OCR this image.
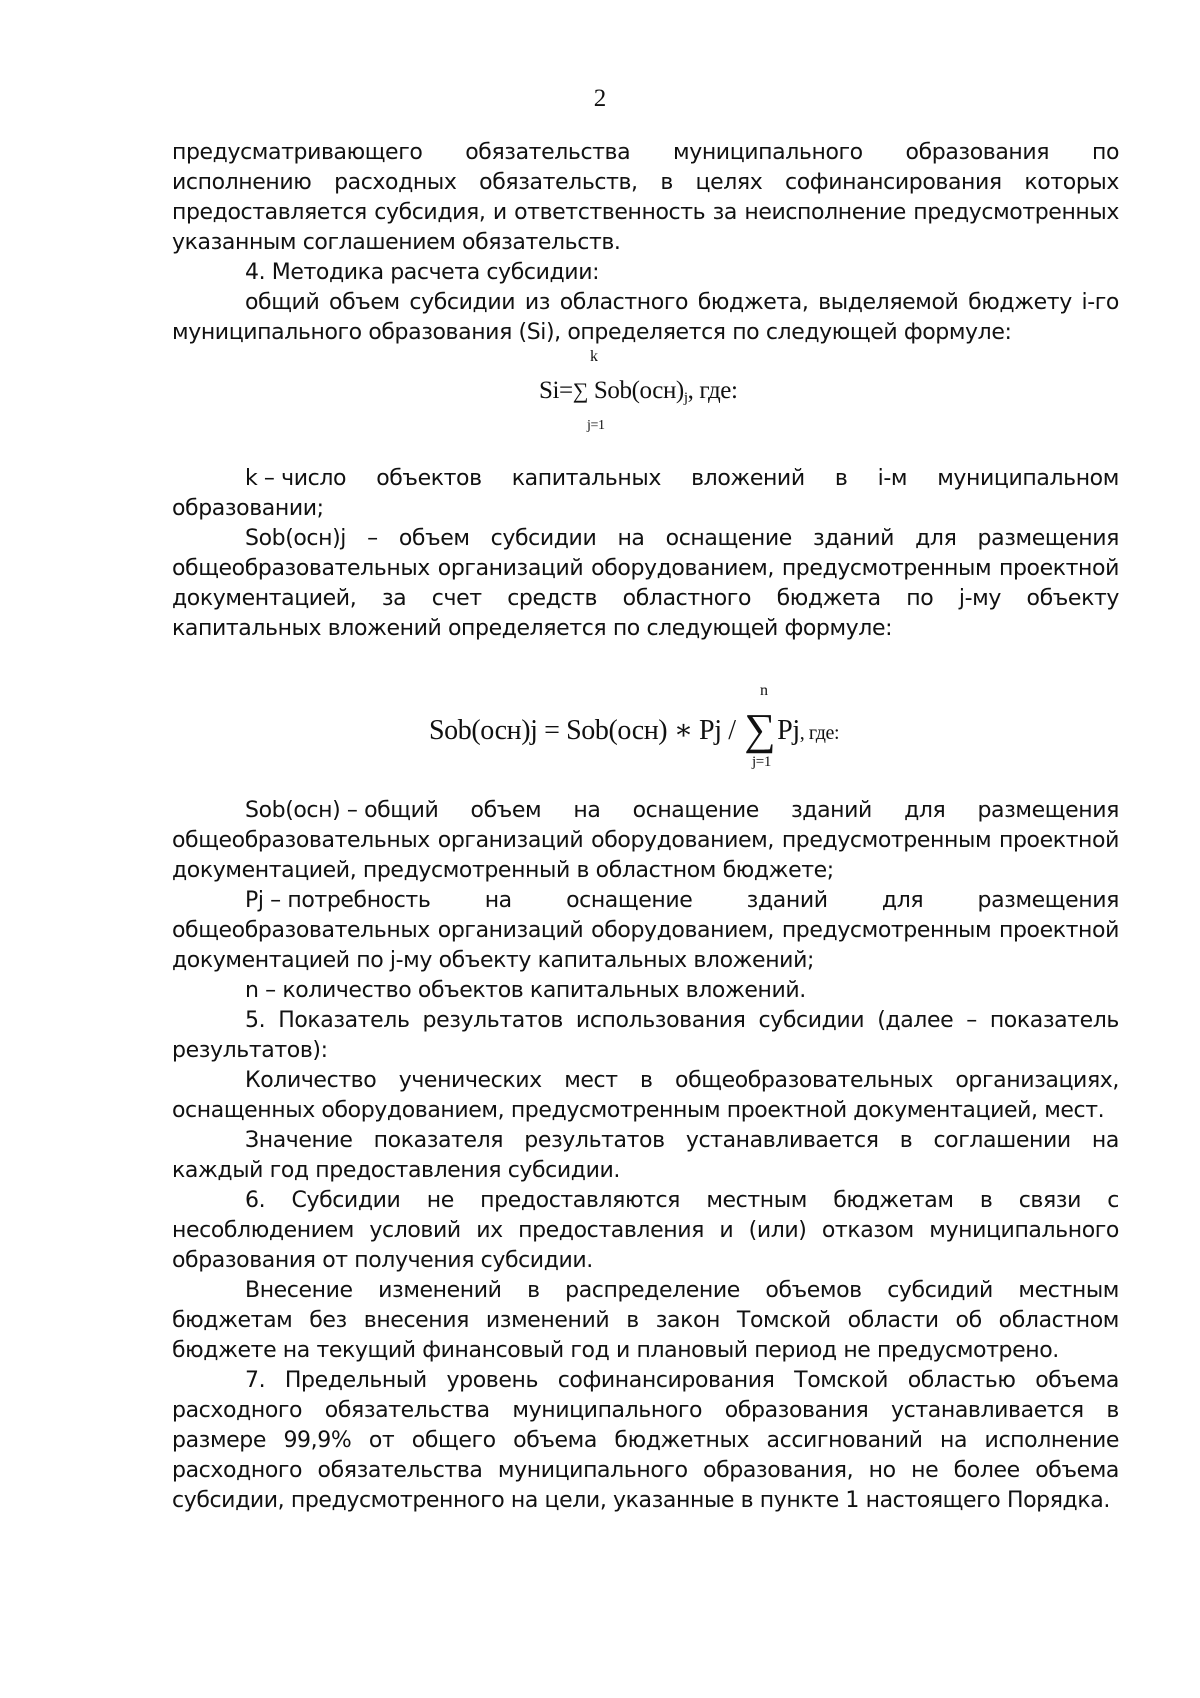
2

предусматривающего обязательства муниципального образования по исполнению расходных обязательств, в целях софинансирования которых предоставляется субсидия, и ответственность за неисполнение предусмотренных указанным соглашением обязательств.

4. Методика расчета субсидии:

общий объем субсидии из областного бюджета, выделяемой бюджету i-го муниципального образования (Si), определяется по следующей формуле:

k
Si=∑ Sob(осн)j, где:
j=1
k – число объектов капитальных вложений в i-м муниципальном

образовании;

Sob(осн)j – объем субсидии на оснащение зданий для размещения общеобразовательных организаций оборудованием, предусмотренным проектной документацией, за счет средств областного бюджета по j-му объекту капитальных вложений определяется по следующей формуле:

n
Sob(осн)j = Sob(осн) ∗ Pj / ∑Pj, где:
j=1
Sob(осн) – общий объем на оснащение зданий для размещения

общеобразовательных организаций оборудованием, предусмотренным проектной документацией, предусмотренный в областном бюджете;

Pj – потребность на оснащение зданий для размещения

общеобразовательных организаций оборудованием, предусмотренным проектной документацией по j-му объекту капитальных вложений;

n – количество объектов капитальных вложений.

5. Показатель результатов использования субсидии (далее – показатель результатов):

Количество ученических мест в общеобразовательных организациях, оснащенных оборудованием, предусмотренным проектной документацией, мест.

Значение показателя результатов устанавливается в соглашении на каждый год предоставления субсидии.

6. Субсидии не предоставляются местным бюджетам в связи с несоблюдением условий их предоставления и (или) отказом муниципального образования от получения субсидии.

Внесение изменений в распределение объемов субсидий местным бюджетам без внесения изменений в закон Томской области об областном бюджете на текущий финансовый год и плановый период не предусмотрено.

7. Предельный уровень софинансирования Томской областью объема расходного обязательства муниципального образования устанавливается в размере 99,9% от общего объема бюджетных ассигнований на исполнение расходного обязательства муниципального образования, но не более объема субсидии, предусмотренного на цели, указанные в пункте 1 настоящего Порядка.
